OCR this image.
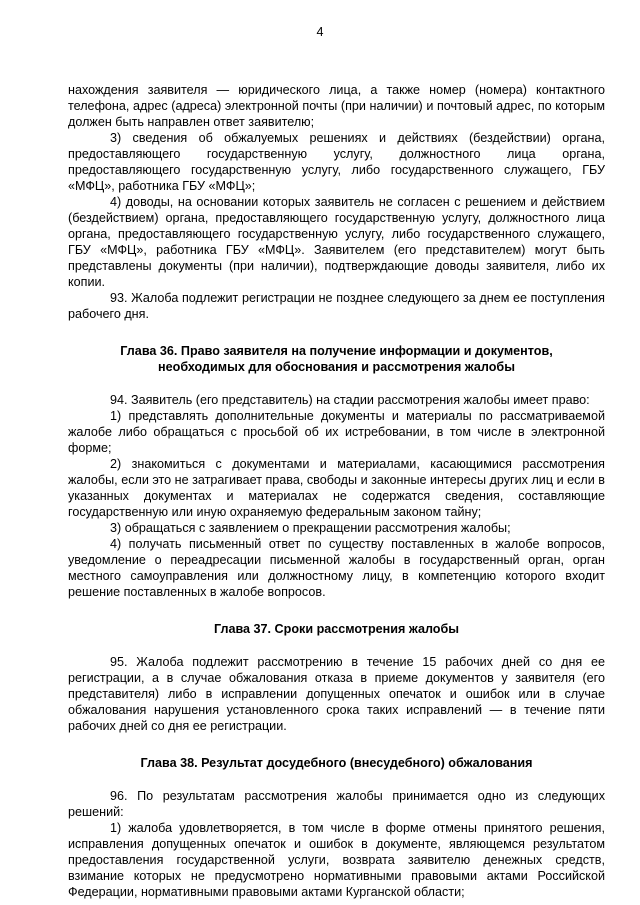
4

нахождения заявителя — юридического лица, а также номер (номера) контактного телефона, адрес (адреса) электронной почты (при наличии) и почтовый адрес, по которым должен быть направлен ответ заявителю;

3) сведения об обжалуемых решениях и действиях (бездействии) органа, предоставляющего государственную услугу, должностного лица органа, предоставляющего государственную услугу, либо государственного служащего, ГБУ «МФЦ», работника ГБУ «МФЦ»;

4) доводы, на основании которых заявитель не согласен с решением и действием (бездействием) органа, предоставляющего государственную услугу, должностного лица органа, предоставляющего государственную услугу, либо государственного служащего, ГБУ «МФЦ», работника ГБУ «МФЦ». Заявителем (его представителем) могут быть представлены документы (при наличии), подтверждающие доводы заявителя, либо их копии.

93. Жалоба подлежит регистрации не позднее следующего за днем ее поступления рабочего дня.

Глава 36. Право заявителя на получение информации и документов,
необходимых для обоснования и рассмотрения жалобы

94. Заявитель (его представитель) на стадии рассмотрения жалобы имеет право:

1) представлять дополнительные документы и материалы по рассматриваемой жалобе либо обращаться с просьбой об их истребовании, в том числе в электронной форме;

2) знакомиться с документами и материалами, касающимися рассмотрения жалобы, если это не затрагивает права, свободы и законные интересы других лиц и если в указанных документах и материалах не содержатся сведения, составляющие государственную или иную охраняемую федеральным законом тайну;

3) обращаться с заявлением о прекращении рассмотрения жалобы;

4) получать письменный ответ по существу поставленных в жалобе вопросов, уведомление о переадресации письменной жалобы в государственный орган, орган местного самоуправления или должностному лицу, в компетенцию которого входит решение поставленных в жалобе вопросов.

Глава 37. Сроки рассмотрения жалобы

95. Жалоба подлежит рассмотрению в течение 15 рабочих дней со дня ее регистрации, а в случае обжалования отказа в приеме документов у заявителя (его представителя) либо в исправлении допущенных опечаток и ошибок или в случае обжалования нарушения установленного срока таких исправлений — в течение пяти рабочих дней со дня ее регистрации.

Глава 38. Результат досудебного (внесудебного) обжалования

96. По результатам рассмотрения жалобы принимается одно из следующих решений:

1) жалоба удовлетворяется, в том числе в форме отмены принятого решения, исправления допущенных опечаток и ошибок в документе, являющемся результатом предоставления государственной услуги, возврата заявителю денежных средств, взимание которых не предусмотрено нормативными правовыми актами Российской Федерации, нормативными правовыми актами Курганской области;
